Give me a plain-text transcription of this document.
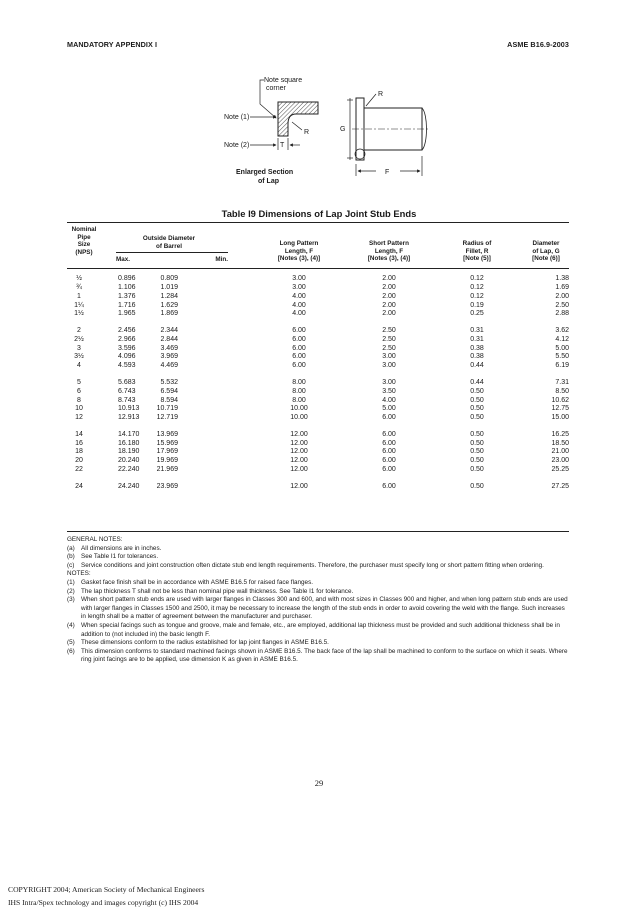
MANDATORY APPENDIX I	ASME B16.9-2003
Note square
corner
Note (1)
R
Note (2)	T
Enlarged Section
of Lap
G
R
F
Table I9 Dimensions of Lap Joint Stub Ends
Nominal
Pipe
Size
(NPS)
Outside Diameter
of Barrel
Max.	Min.
Long Pattern
Length, F
[Notes (3), (4)]
Short Pattern
Length, F
[Notes (3), (4)]
Radius of
Fillet, R
[Note (5)]
Diameter
of Lap, G
[Note (6)]
½	0.896	0.809	3.00	2.00	0.12	1.38
¾	1.106	1.019	3.00	2.00	0.12	1.69
1	1.376	1.284	4.00	2.00	0.12	2.00
1¼	1.716	1.629	4.00	2.00	0.19	2.50
1½	1.965	1.869	4.00	2.00	0.25	2.88
2	2.456	2.344	6.00	2.50	0.31	3.62
2½	2.966	2.844	6.00	2.50	0.31	4.12
3	3.596	3.469	6.00	2.50	0.38	5.00
3½	4.096	3.969	6.00	3.00	0.38	5.50
4	4.593	4.469	6.00	3.00	0.44	6.19
5	5.683	5.532	8.00	3.00	0.44	7.31
6	6.743	6.594	8.00	3.50	0.50	8.50
8	8.743	8.594	8.00	4.00	0.50	10.62
10	10.913 10.719	10.00	5.00	0.50	12.75
12	12.913 12.719	10.00	6.00	0.50	15.00
14	14.170 13.969	12.00	6.00	0.50	16.25
16	16.180 15.969	12.00	6.00	0.50	18.50
18	18.190 17.969	12.00	6.00	0.50	21.00
20	20.240 19.969	12.00	6.00	0.50	23.00
22	22.240 21.969	12.00	6.00	0.50	25.25
24	24.240 23.969	12.00	6.00	0.50	27.25
GENERAL NOTES:
(a) All dimensions are in inches.
(b) See Table I1 for tolerances.
(c) Service conditions and joint construction often dictate stub end length requirements. Therefore, the purchaser must specify long or short pattern fitting when ordering.
NOTES:
(1) Gasket face finish shall be in accordance with ASME B16.5 for raised face flanges.
(2) The lap thickness T shall not be less than nominal pipe wall thickness. See Table I1 for tolerance.
(3) When short pattern stub ends are used with larger flanges in Classes 300 and 600, and with most sizes in Classes 900 and higher, and when long pattern stub ends are used with larger flanges in Classes 1500 and 2500, it may be necessary to increase the length of the stub ends in order to avoid covering the weld with the flange. Such increases in length shall be a matter of agreement between the manufacturer and purchaser.
(4) When special facings such as tongue and groove, male and female, etc., are employed, additional lap thickness must be provided and such additional thickness shall be in addition to (not included in) the basic length F.
(5) These dimensions conform to the radius established for lap joint flanges in ASME B16.5.
(6) This dimension conforms to standard machined facings shown in ASME B16.5. The back face of the lap shall be machined to conform to the surface on which it seats. Where ring joint facings are to be applied, use dimension K as given in ASME B16.5.
29
COPYRIGHT 2004; American Society of Mechanical Engineers
IHS Intra/Spex technology and images copyright (c) IHS 2004
